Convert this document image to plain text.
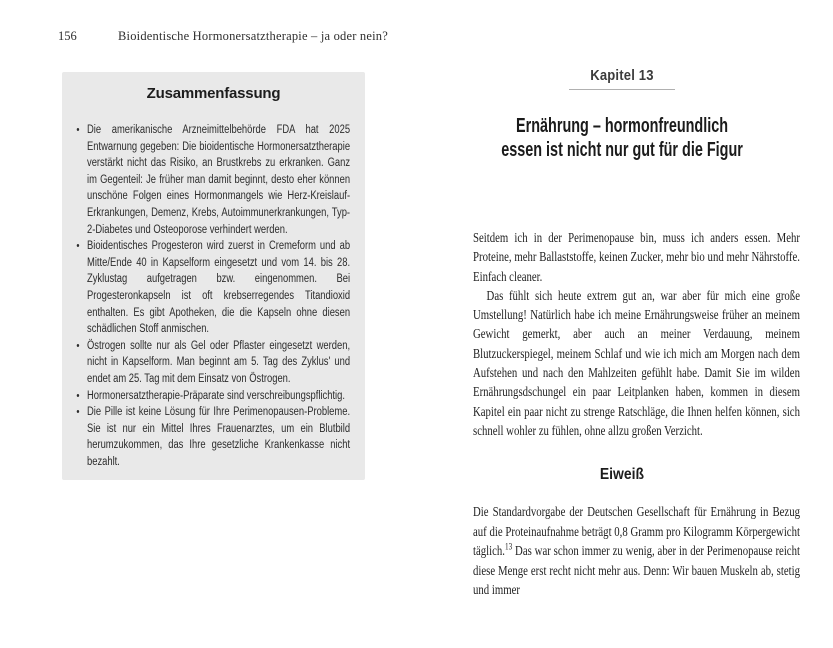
156	Bioidentische Hormonersatztherapie – ja oder nein?
Zusammenfassung
• Die amerikanische Arzneimittelbehörde FDA hat 2025 Entwarnung gegeben: Die bioidentische Hormonersatztherapie verstärkt nicht das Risiko, an Brustkrebs zu erkranken. Ganz im Gegenteil: Je früher man damit beginnt, desto eher können unschöne Folgen eines Hormonmangels wie Herz-Kreislauf-Erkrankungen, Demenz, Krebs, Autoimmunerkrankungen, Typ-2-Diabetes und Osteoporose verhindert werden.
• Bioidentisches Progesteron wird zuerst in Cremeform und ab Mitte/Ende 40 in Kapselform eingesetzt und vom 14. bis 28. Zyklustag aufgetragen bzw. eingenommen. Bei Progesteronkapseln ist oft krebserregendes Titandioxid enthalten. Es gibt Apotheken, die die Kapseln ohne diesen schädlichen Stoff anmischen.
• Östrogen sollte nur als Gel oder Pflaster eingesetzt werden, nicht in Kapselform. Man beginnt am 5. Tag des Zyklus' und endet am 25. Tag mit dem Einsatz von Östrogen.
• Hormonersatztherapie-Präparate sind verschreibungspflichtig.
• Die Pille ist keine Lösung für Ihre Perimenopausen-Probleme. Sie ist nur ein Mittel Ihres Frauenarztes, um ein Blutbild herumzukommen, das Ihre gesetzliche Krankenkasse nicht bezahlt.
Kapitel 13
Ernährung – hormonfreundlich
essen ist nicht nur gut für die Figur

Seitdem ich in der Perimenopause bin, muss ich anders essen. Mehr Proteine, mehr Ballaststoffe, keinen Zucker, mehr bio und mehr Nährstoffe. Einfach cleaner.

Das fühlt sich heute extrem gut an, war aber für mich eine große Umstellung! Natürlich habe ich meine Ernährungsweise früher an meinem Gewicht gemerkt, aber auch an meiner Verdauung, meinem Blutzuckerspiegel, meinem Schlaf und wie ich mich am Morgen nach dem Aufstehen und nach den Mahlzeiten gefühlt habe. Damit Sie im wilden Ernährungsdschungel ein paar Leitplanken haben, kommen in diesem Kapitel ein paar nicht zu strenge Ratschläge, die Ihnen helfen können, sich schnell wohler zu fühlen, ohne allzu großen Verzicht.

Eiweiß

Die Standardvorgabe der Deutschen Gesellschaft für Ernährung in Bezug auf die Proteinaufnahme beträgt 0,8 Gramm pro Kilogramm Körpergewicht täglich.$^{13}$ Das war schon immer zu wenig, aber in der Perimenopause reicht diese Menge erst recht nicht mehr aus. Denn: Wir bauen Muskeln ab, stetig und immer
